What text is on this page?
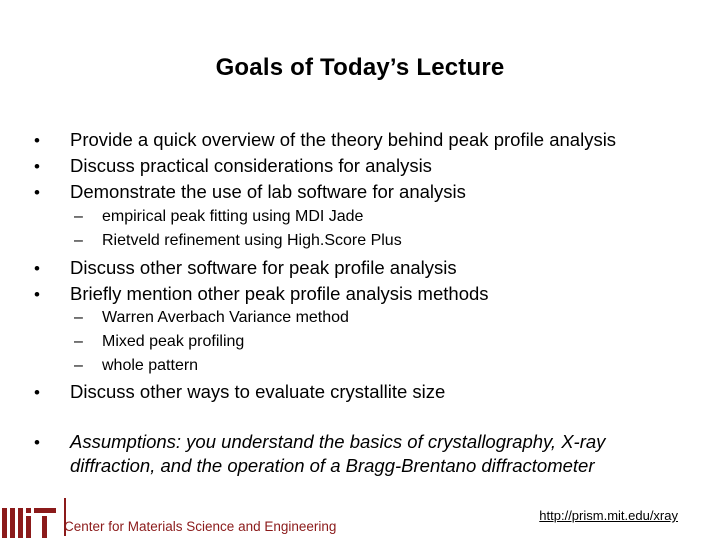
Goals of Today’s Lecture
• Provide a quick overview of the theory behind peak profile analysis
• Discuss practical considerations for analysis
• Demonstrate the use of lab software for analysis
– empirical peak fitting using MDI Jade
– Rietveld refinement using High.Score Plus
• Discuss other software for peak profile analysis
• Briefly mention other peak profile analysis methods
– Warren Averbach Variance method
– Mixed peak profiling
– whole pattern
• Discuss other ways to evaluate crystallite size
• Assumptions: you understand the basics of crystallography, X-ray diffraction, and the operation of a Bragg-Brentano diffractometer
Center for Materials Science and Engineering
http://prism.mit.edu/xray
